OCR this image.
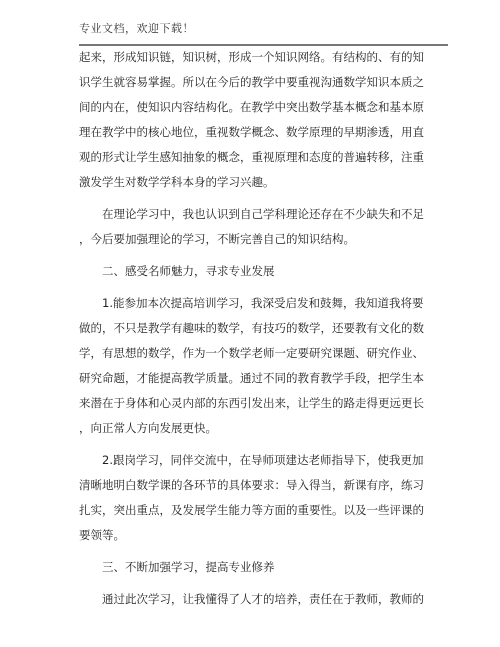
专业文档，欢迎下载！
起来，形成知识链，知识树，形成一个知识网络。有结构的、有的知
识学生就容易掌握。所以在今后的教学中要重视沟通数学知识本质之
间的内在，使知识内容结构化。在教学中突出数学基本概念和基本原
理在教学中的核心地位，重视数学概念、数学原理的早期渗透，用直
观的形式让学生感知抽象的概念，重视原理和态度的普遍转移，注重
激发学生对数学学科本身的学习兴趣。
在理论学习中，我也认识到自己学科理论还存在不少缺失和不足
，今后要加强理论的学习，不断完善自己的知识结构。
二、感受名师魅力，寻求专业发展
1.能参加本次提高培训学习，我深受启发和鼓舞，我知道我将要
做的，不只是教学有趣味的数学，有技巧的数学，还要教有文化的数
学，有思想的数学，作为一个数学老师一定要研究课题、研究作业、
研究命题，才能提高教学质量。通过不同的教育教学手段，把学生本
来潜在于身体和心灵内部的东西引发出来，让学生的路走得更远更长
，向正常人方向发展更快。
2.跟岗学习，同伴交流中，在导师项建达老师指导下，使我更加
清晰地明白数学课的各环节的具体要求：导入得当，新课有序，练习
扎实，突出重点，及发展学生能力等方面的重要性。以及一些评课的
要领等。
三、不断加强学习，提高专业修养
通过此次学习，让我懂得了人才的培养，责任在于教师，教师的
